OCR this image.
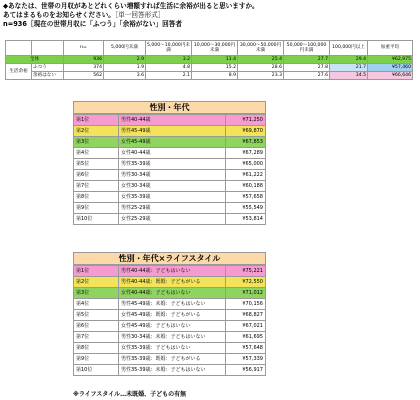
◆あなたは、世帯の月収があとどれくらい増額すれば生活に余裕が出ると思いますか。
あてはまるものをお知らせください。［単一回答形式］
n=936［現在の世帯月収に「ふつう」「余裕がない」回答者
		n=	5,000円未満	5,000～10,000円未満	10,000～30,000円未満	30,000～50,000円未満	50,000～100,000円未満	100,000円以上	加重平均
全体		936	2.9	3.2	11.4	25.4	27.7	29.4	¥62,975
生活余裕	ふつう	374	1.9	4.8	15.2	28.6	27.8	21.7	¥57,460
	余裕はない	562	3.6	2.1	8.9	23.3	27.6	34.5	¥66,646
性別・年代
第1位	男性40-44歳	¥71,250
第2位	男性45-49歳	¥69,870
第3位	女性45-49歳	¥67,853
第4位	女性40-44歳	¥67,289
第5位	男性35-39歳	¥65,000
第6位	男性30-34歳	¥61,222
第7位	女性30-34歳	¥60,188
第8位	女性35-39歳	¥57,658
第9位	男性25-29歳	¥55,549
第10位	女性25-29歳	¥53,814
性別・年代×ライフスタイル
第1位	男性40-44歳：子どもはいない	¥75,221
第2位	男性40-44歳：既婚：子どもがいる	¥72,550
第3位	女性40-44歳：子どもはいない	¥71,012
第4位	男性45-49歳：未婚：子どもはいない	¥70,156
第5位	女性45-49歳：既婚：子どもがいる	¥68,827
第6位	女性45-49歳：子どもはいない	¥67,021
第7位	男性30-34歳：未婚：子どもはいない	¥61,695
第8位	女性35-39歳：子どもはいない	¥57,648
第9位	男性35-39歳：既婚：子どもがいる	¥57,339
第10位	男性35-39歳：未婚：子どもはいない	¥56,917
※ライフスタイル…未既婚、子どもの有無
